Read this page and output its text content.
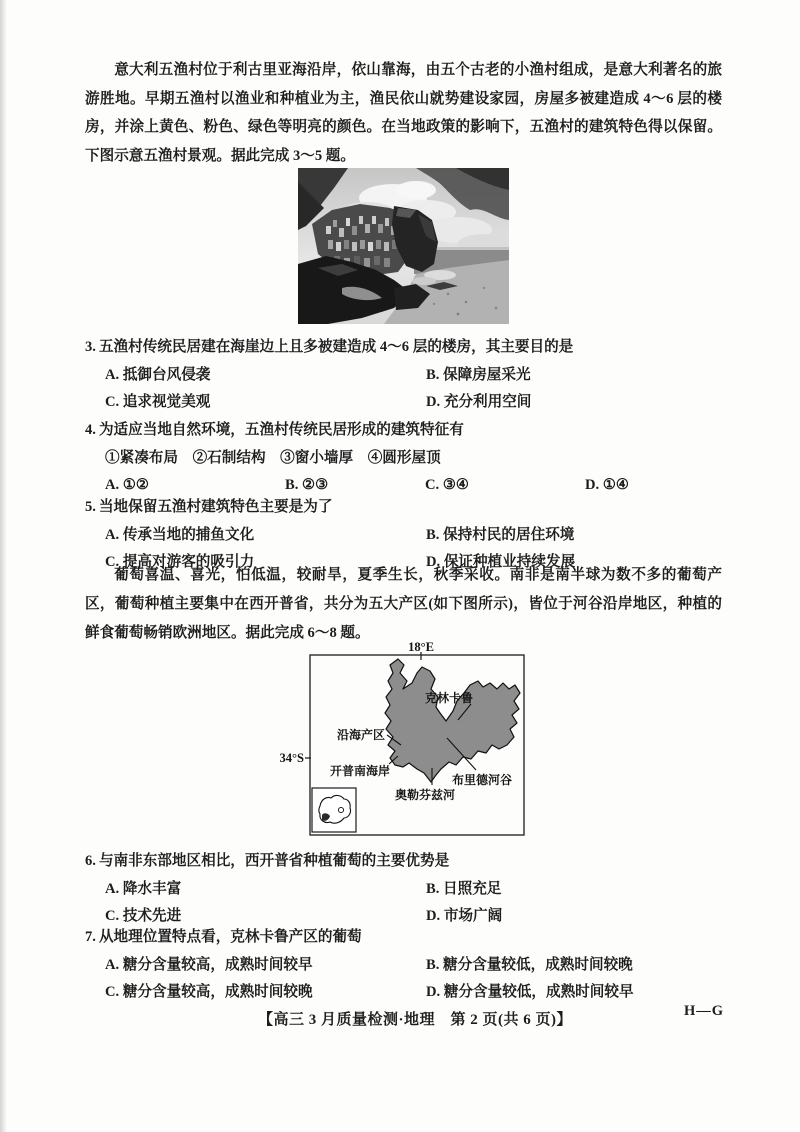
意大利五渔村位于利古里亚海沿岸，依山靠海，由五个古老的小渔村组成，是意大利著名的旅游胜地。早期五渔村以渔业和种植业为主，渔民依山就势建设家园，房屋多被建造成 4～6 层的楼房，并涂上黄色、粉色、绿色等明亮的颜色。在当地政策的影响下，五渔村的建筑特色得以保留。下图示意五渔村景观。据此完成 3～5 题。

3. 五渔村传统民居建在海崖边上且多被建造成 4～6 层的楼房，其主要目的是
A. 抵御台风侵袭	B. 保障房屋采光
C. 追求视觉美观	D. 充分利用空间
4. 为适应当地自然环境，五渔村传统民居形成的建筑特征有
①紧凑布局　②石制结构　③窗小墙厚　④圆形屋顶
A. ①②	B. ②③	C. ③④	D. ①④
5. 当地保留五渔村建筑特色主要是为了
A. 传承当地的捕鱼文化	B. 保持村民的居住环境
C. 提高对游客的吸引力	D. 保证种植业持续发展

葡萄喜温、喜光，怕低温，较耐旱，夏季生长，秋季采收。南非是南半球为数不多的葡萄产区，葡萄种植主要集中在西开普省，共分为五大产区(如下图所示)，皆位于河谷沿岸地区，种植的鲜食葡萄畅销欧洲地区。据此完成 6～8 题。

18°E
34°S
克林卡鲁
沿海产区
开普南海岸
布里德河谷
奥勒芬兹河
6. 与南非东部地区相比，西开普省种植葡萄的主要优势是
A. 降水丰富	B. 日照充足
C. 技术先进	D. 市场广阔
7. 从地理位置特点看，克林卡鲁产区的葡萄
A. 糖分含量较高，成熟时间较早	B. 糖分含量较低，成熟时间较晚
C. 糖分含量较高，成熟时间较晚	D. 糖分含量较低，成熟时间较早
【高三 3 月质量检测·地理　第 2 页(共 6 页)】
H—G
